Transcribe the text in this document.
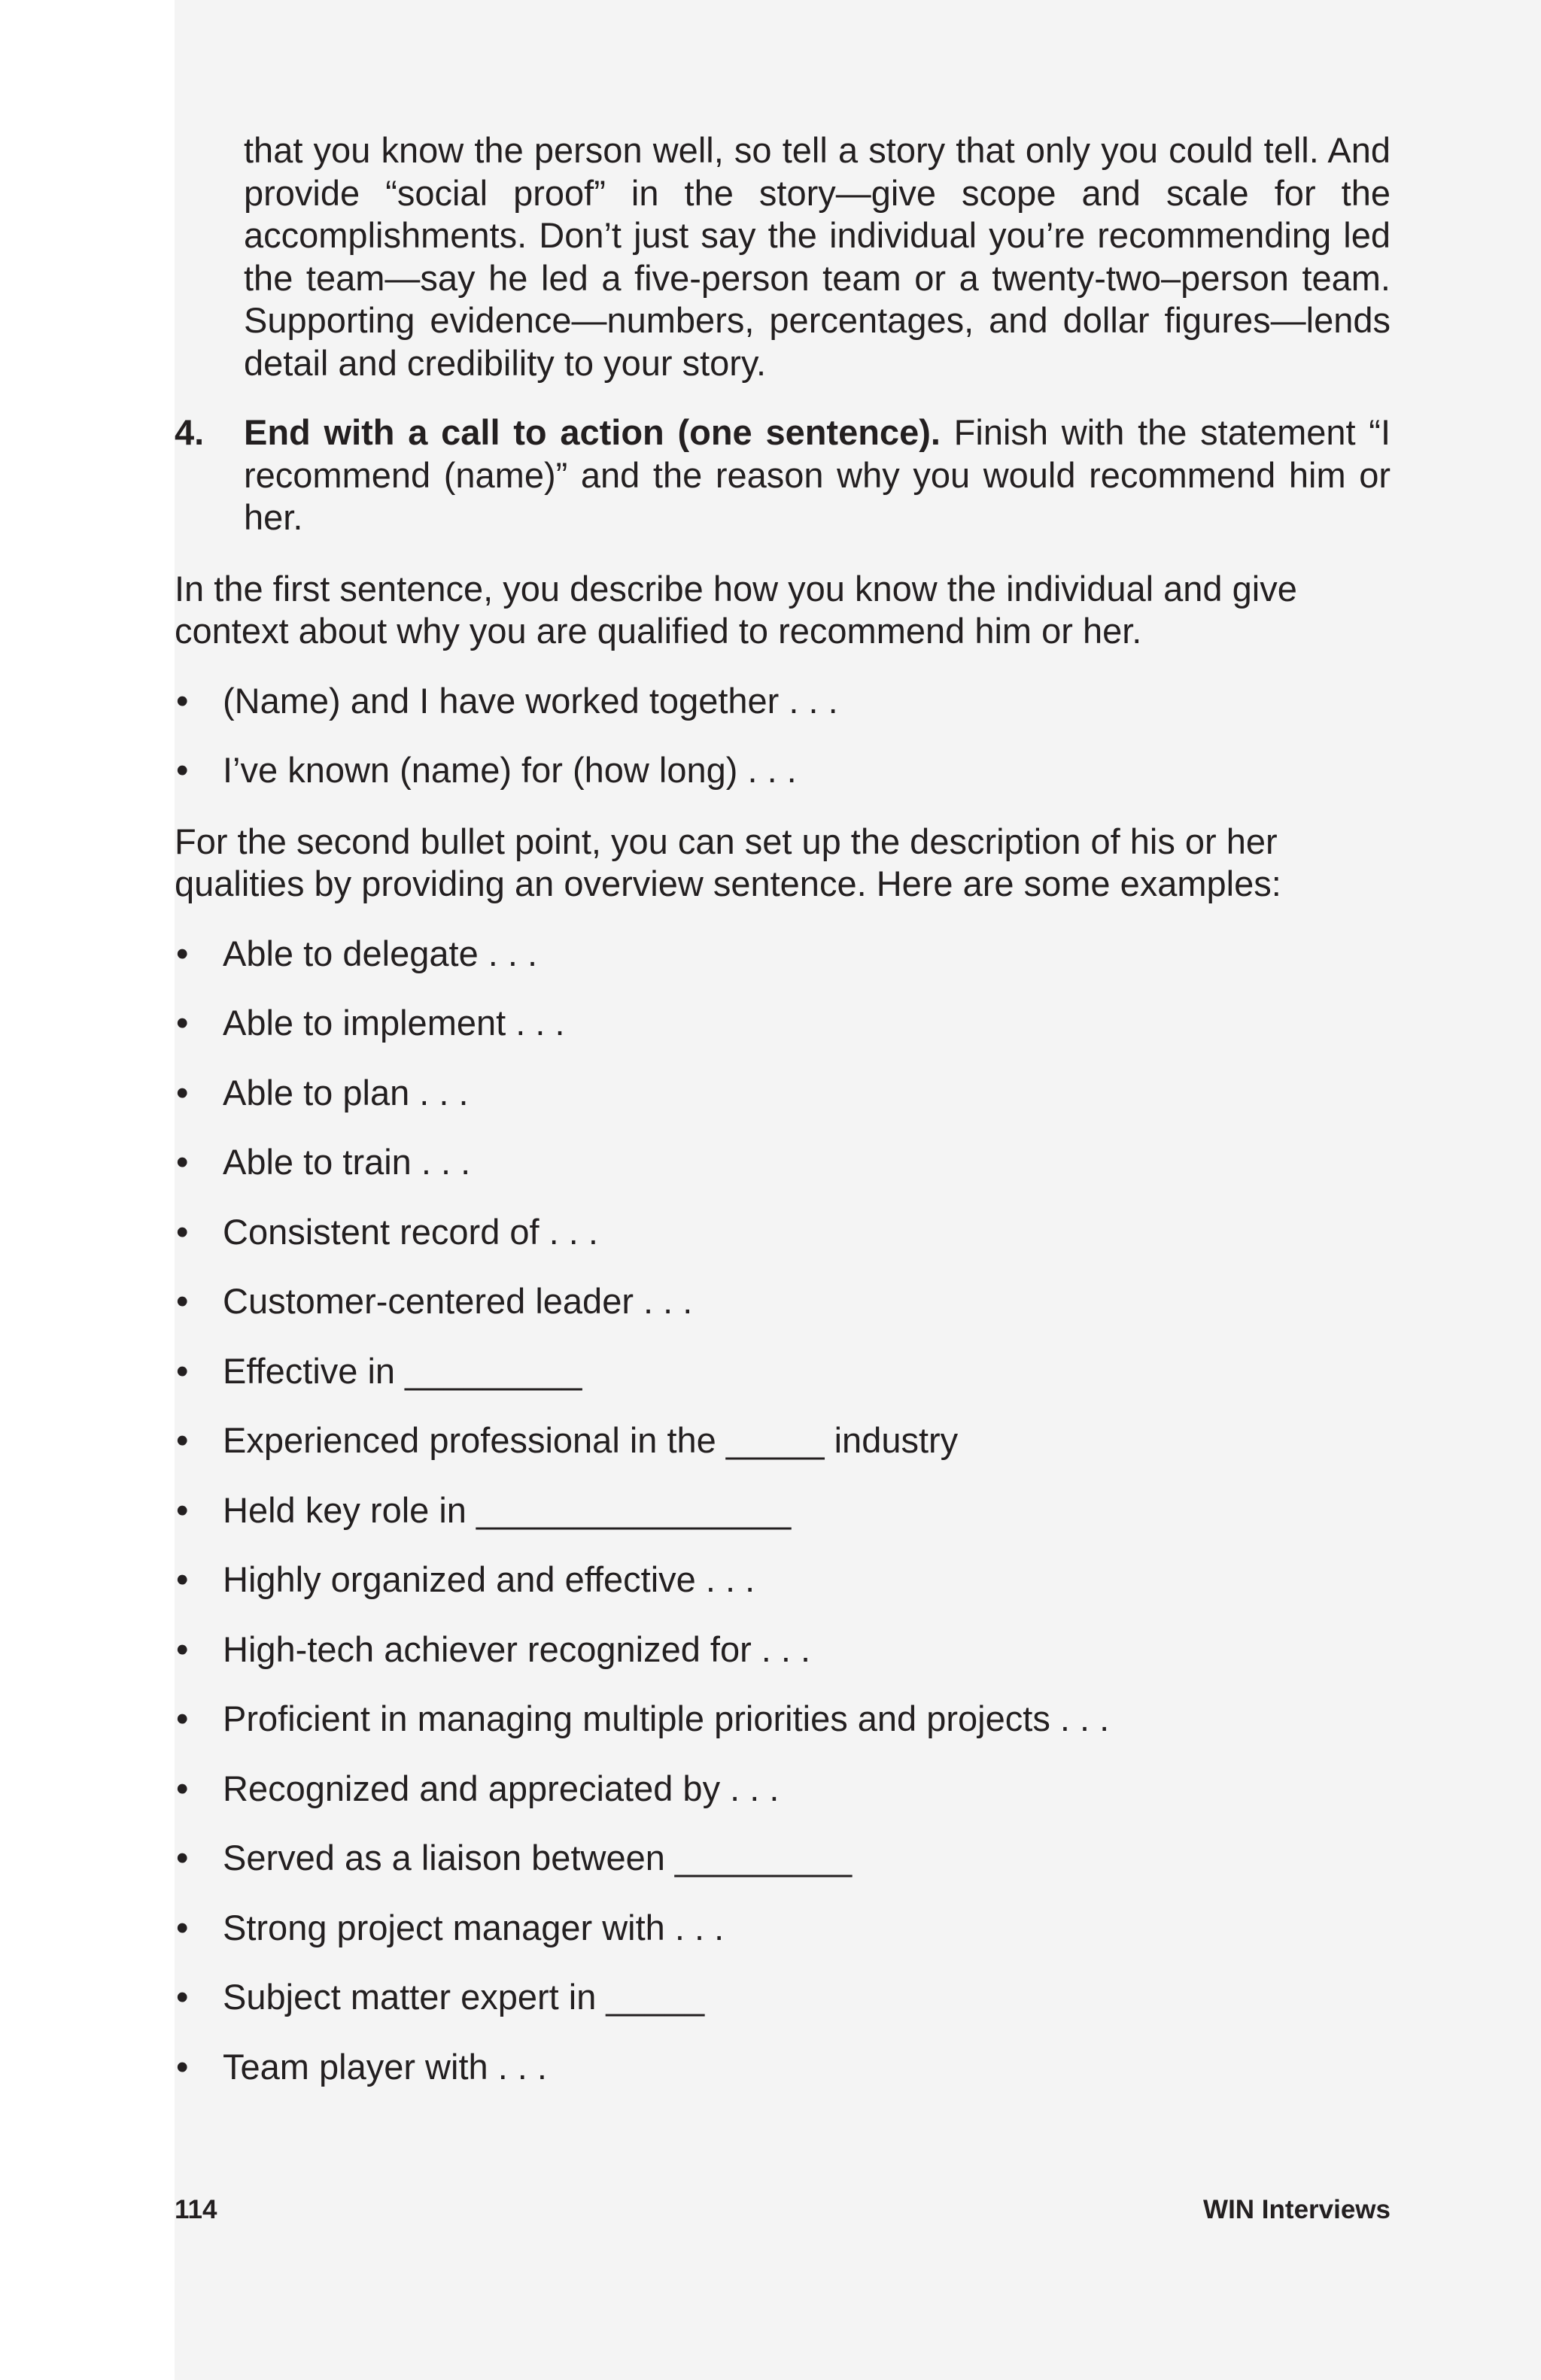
that you know the person well, so tell a story that only you could tell. And provide “social proof” in the story—give scope and scale for the accomplishments. Don’t just say the individual you’re recommending led the team—say he led a five-person team or a twenty-two–person team. Supporting evidence—numbers, percentages, and dollar figures—lends detail and credibility to your story.
4.	End with a call to action (one sentence). Finish with the statement “I recommend (name)” and the reason why you would recommend him or her.
In the first sentence, you describe how you know the individual and give context about why you are qualified to recommend him or her.
• (Name) and I have worked together . . .
• I’ve known (name) for (how long) . . .
For the second bullet point, you can set up the description of his or her qualities by providing an overview sentence. Here are some examples:
• Able to delegate . . .
• Able to implement . . .
• Able to plan . . .
• Able to train . . .
• Consistent record of . . .
• Customer-centered leader . . .
• Effective in _________
• Experienced professional in the _____ industry
• Held key role in ________________
• Highly organized and effective . . .
• High-tech achiever recognized for . . .
• Proficient in managing multiple priorities and projects . . .
• Recognized and appreciated by . . .
• Served as a liaison between _________
• Strong project manager with . . .
• Subject matter expert in _____
• Team player with . . .
114	WIN Interviews
